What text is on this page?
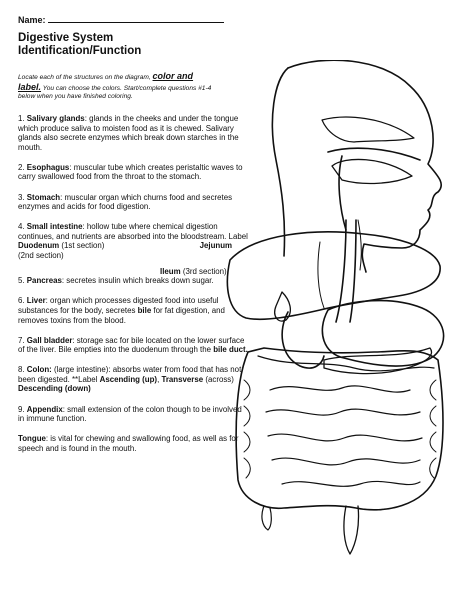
Name:
Digestive System
Identification/Function
Locate each of the structures on the diagram, color and label. You can choose the colors. Start/complete questions #1-4 below when you have finished coloring.
1. Salivary glands: glands in the cheeks and under the tongue which produce saliva to moisten food as it is chewed. Salivary glands also secrete enzymes which break down starches in the mouth.
2. Esophagus: muscular tube which creates peristaltic waves to carry swallowed food from the throat to the stomach.
3. Stomach: muscular organ which churns food and secretes enzymes and acids for food digestion.
4. Small intestine: hollow tube where chemical digestion continues, and nutrients are absorbed into the bloodstream. Label Duodenum (1st section)	Jejunum (2nd section)
Ileum (3rd section)
5. Pancreas: secretes insulin which breaks down sugar.
6. Liver: organ which processes digested food into useful substances for the body, secretes bile for fat digestion, and removes toxins from the blood.
7. Gall bladder: storage sac for bile located on the lower surface of the liver. Bile empties into the duodenum through the bile duct.
8. Colon: (large intestine): absorbs water from food that has not been digested. **Label Ascending (up), Transverse (across) Descending (down)
9. Appendix: small extension of the colon though to be involved in immune function.
Tongue: is vital for chewing and swallowing food, as well as for speech and is found in the mouth.
